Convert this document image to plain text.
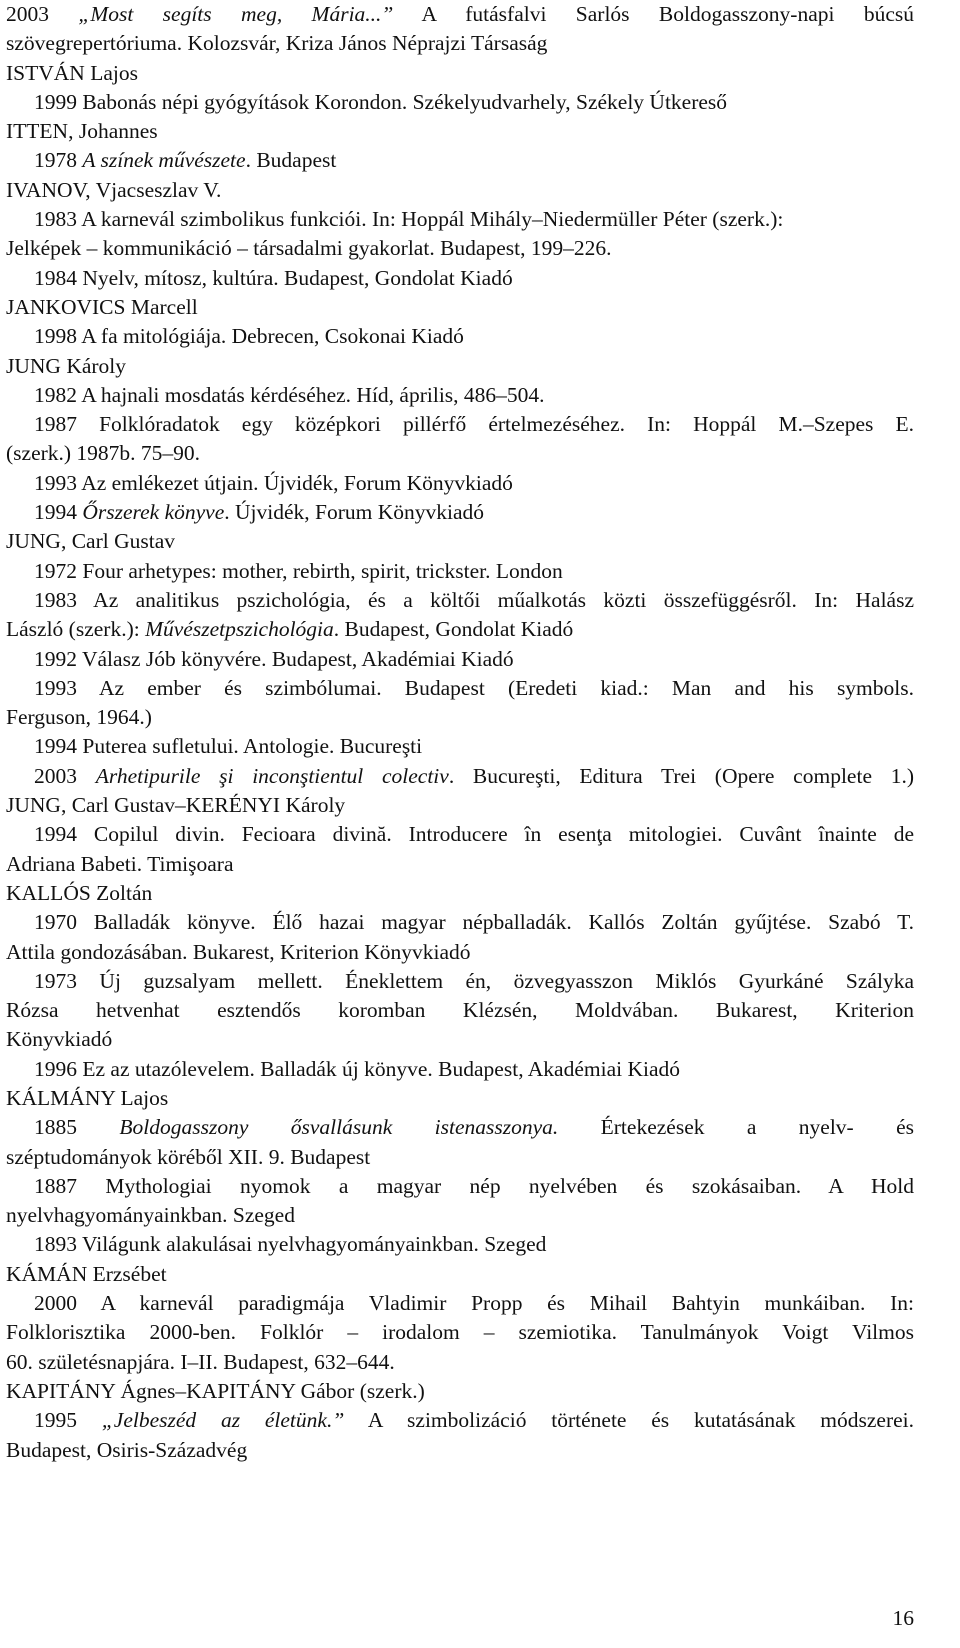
2003 „Most segíts meg, Mária...” A futásfalvi Sarlós Boldogasszony-napi búcsú
szövegrepertóriuma. Kolozsvár, Kriza János Néprajzi Társaság
ISTVÁN Lajos
1999 Babonás népi gyógyítások Korondon. Székelyudvarhely, Székely Útkereső
ITTEN, Johannes
1978 A színek művészete. Budapest
IVANOV, Vjacseszlav V.
1983 A karnevál szimbolikus funkciói. In: Hoppál Mihály–Niedermüller Péter (szerk.):
Jelképek – kommunikáció – társadalmi gyakorlat. Budapest, 199–226.
1984 Nyelv, mítosz, kultúra. Budapest, Gondolat Kiadó
JANKOVICS Marcell
1998 A fa mitológiája. Debrecen, Csokonai Kiadó
JUNG Károly
1982 A hajnali mosdatás kérdéséhez. Híd, április, 486–504.
1987 Folklóradatok egy középkori pillérfő értelmezéséhez. In: Hoppál M.–Szepes E.
(szerk.) 1987b. 75–90.
1993 Az emlékezet útjain. Újvidék, Forum Könyvkiadó
1994 Őrszerek könyve. Újvidék, Forum Könyvkiadó
JUNG, Carl Gustav
1972 Four arhetypes: mother, rebirth, spirit, trickster. London
1983 Az analitikus pszichológia, és a költői műalkotás közti összefüggésről. In: Halász
László (szerk.): Művészetpszichológia. Budapest, Gondolat Kiadó
1992 Válasz Jób könyvére. Budapest, Akadémiai Kiadó
1993 Az ember és szimbólumai. Budapest (Eredeti kiad.: Man and his symbols.
Ferguson, 1964.)
1994 Puterea sufletului. Antologie. Bucureşti
2003 Arhetipurile şi inconştientul colectiv. Bucureşti, Editura Trei (Opere complete 1.)
JUNG, Carl Gustav–KERÉNYI Károly
1994 Copilul divin. Fecioara divină. Introducere în esenţa mitologiei. Cuvânt înainte de
Adriana Babeti. Timişoara
KALLÓS Zoltán
1970 Balladák könyve. Élő hazai magyar népballadák. Kallós Zoltán gyűjtése. Szabó T.
Attila gondozásában. Bukarest, Kriterion Könyvkiadó
1973 Új guzsalyam mellett. Éneklettem én, özvegyasszon Miklós Gyurkáné Szályka
Rózsa hetvenhat esztendős koromban Klézsén, Moldvában. Bukarest, Kriterion
Könyvkiadó
1996 Ez az utazólevelem. Balladák új könyve. Budapest, Akadémiai Kiadó
KÁLMÁNY Lajos
1885 Boldogasszony ősvallásunk istenasszonya. Értekezések a nyelv- és
széptudományok köréből XII. 9. Budapest
1887 Mythologiai nyomok a magyar nép nyelvében és szokásaiban. A Hold
nyelvhagyományainkban. Szeged
1893 Világunk alakulásai nyelvhagyományainkban. Szeged
KÁMÁN Erzsébet
2000 A karnevál paradigmája Vladimir Propp és Mihail Bahtyin munkáiban. In:
Folklorisztika 2000-ben. Folklór – irodalom – szemiotika. Tanulmányok Voigt Vilmos
60. születésnapjára. I–II. Budapest, 632–644.
KAPITÁNY Ágnes–KAPITÁNY Gábor (szerk.)
1995 „Jelbeszéd az életünk.” A szimbolizáció története és kutatásának módszerei.
Budapest, Osiris-Századvég
16
